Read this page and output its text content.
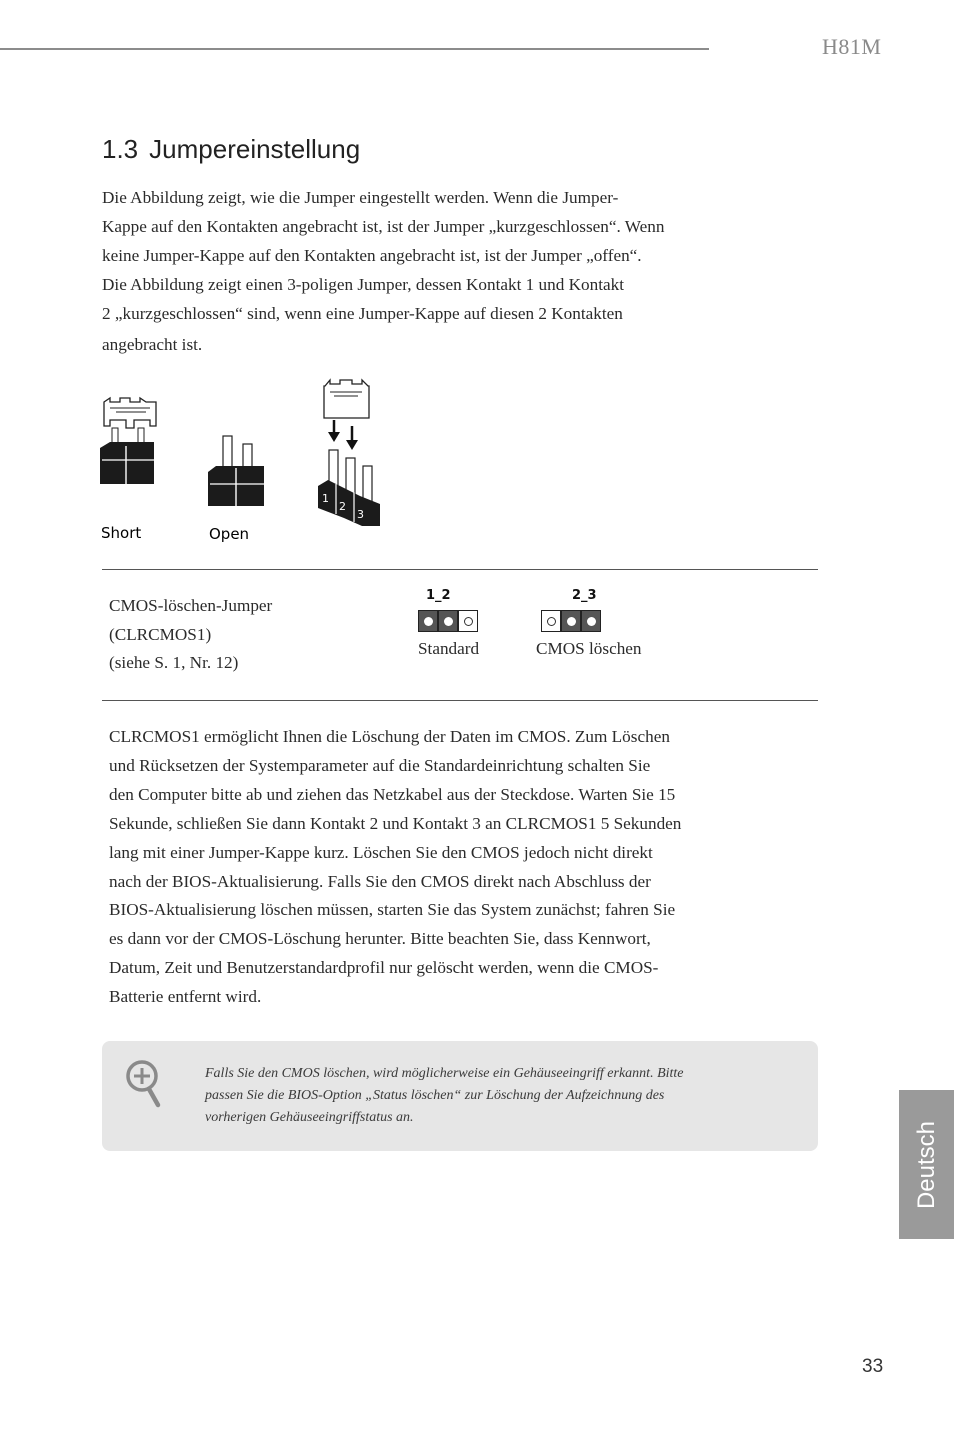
H81M
1.3 Jumpereinstellung
Die Abbildung zeigt, wie die Jumper eingestellt werden. Wenn die Jumper-
Kappe auf den Kontakten angebracht ist, ist der Jumper „kurzgeschlossen“. Wenn
keine Jumper-Kappe auf den Kontakten angebracht ist, ist der Jumper „offen“.
Die Abbildung zeigt einen 3-poligen Jumper, dessen Kontakt 1 und Kontakt
2 „kurzgeschlossen“ sind, wenn eine Jumper-Kappe auf diesen 2 Kontakten
angebracht ist.
1
2
3
Short	Open
CMOS-löschen-Jumper
(CLRCMOS1)
(siehe S. 1, Nr. 12)
1_2
Standard
2_3
CMOS löschen
CLRCMOS1 ermöglicht Ihnen die Löschung der Daten im CMOS. Zum Löschen
und Rücksetzen der Systemparameter auf die Standardeinrichtung schalten Sie
den Computer bitte ab und ziehen das Netzkabel aus der Steckdose. Warten Sie 15
Sekunde, schließen Sie dann Kontakt 2 und Kontakt 3 an CLRCMOS1 5 Sekunden
lang mit einer Jumper-Kappe kurz. Löschen Sie den CMOS jedoch nicht direkt
nach der BIOS-Aktualisierung. Falls Sie den CMOS direkt nach Abschluss der
BIOS-Aktualisierung löschen müssen, starten Sie das System zunächst; fahren Sie
es dann vor der CMOS-Löschung herunter. Bitte beachten Sie, dass Kennwort,
Datum, Zeit und Benutzerstandardprofil nur gelöscht werden, wenn die CMOS-
Batterie entfernt wird.
Falls Sie den CMOS löschen, wird möglicherweise ein Gehäuseeingriff erkannt. Bitte
passen Sie die BIOS-Option „Status löschen“ zur Löschung der Aufzeichnung des
vorherigen Gehäuseeingriffstatus an.
Deutsch
33
